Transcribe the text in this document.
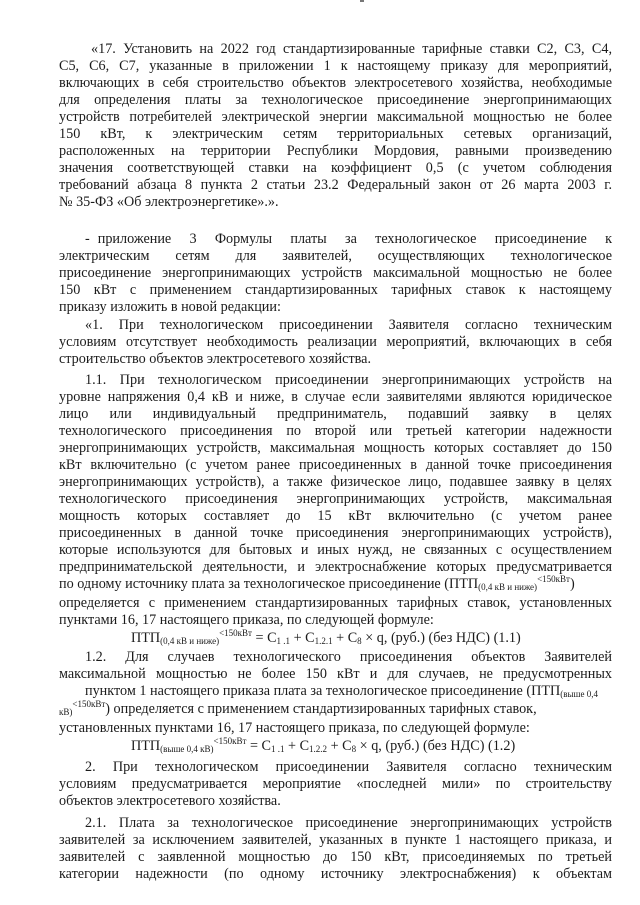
«17. Установить на 2022 год стандартизированные тарифные ставки С2, С3, С4,
С5, С6, С7, указанные в приложении 1 к настоящему приказу для мероприятий,
включающих в себя строительство объектов электросетевого хозяйства, необходимые
для определения платы за технологическое присоединение энергопринимающих
устройств потребителей электрической энергии максимальной мощностью не более
150 кВт, к электрическим сетям территориальных сетевых организаций,
расположенных на территории Республики Мордовия, равными произведению
значения соответствующей ставки на коэффициент 0,5 (с учетом соблюдения
требований абзаца 8 пункта 2 статьи 23.2 Федеральный закон от 26 марта 2003 г.
№ 35-ФЗ «Об электроэнергетике».».
- приложение 3 Формулы платы за технологическое присоединение к
электрическим сетям для заявителей, осуществляющих технологическое
присоединение энергопринимающих устройств максимальной мощностью не более
150 кВт с применением стандартизированных тарифных ставок к настоящему
приказу изложить в новой редакции:
«1. При технологическом присоединении Заявителя согласно техническим
условиям отсутствует необходимость реализации мероприятий, включающих в себя
строительство объектов электросетевого хозяйства.
1.1. При технологическом присоединении энергопринимающих устройств на
уровне напряжения 0,4 кВ и ниже, в случае если заявителями являются юридическое
лицо или индивидуальный предприниматель, подавший заявку в целях
технологического присоединения по второй или третьей категории надежности
энергопринимающих устройств, максимальная мощность которых составляет до 150
кВт включительно (с учетом ранее присоединенных в данной точке присоединения
энергопринимающих устройств), а также физическое лицо, подавшее заявку в целях
технологического присоединения энергопринимающих устройств, максимальная
мощность которых составляет до 15 кВт включительно (с учетом ранее
присоединенных в данной точке присоединения энергопринимающих устройств),
которые используются для бытовых и иных нужд, не связанных с осуществлением
предпринимательской деятельности, и электроснабжение которых предусматривается
по одному источнику плата за технологическое присоединение (ПТП(0,4 кВ и ниже)$^{<150кВт}$)
определяется с применением стандартизированных тарифных ставок, установленных
пунктами 16, 17 настоящего приказа, по следующей формуле:
ПТП(0,4 кВ и ниже)$^{<150кВт}$ = С1 .1 + С1.2.1 + С8 × q, (руб.) (без НДС) (1.1)
1.2. Для случаев технологического присоединения объектов Заявителей
максимальной мощностью не более 150 кВт и для случаев, не предусмотренных
пунктом 1 настоящего приказа плата за технологическое присоединение (ПТП(выше 0,4
кВ)$^{<150кВт}$) определяется с применением стандартизированных тарифных ставок,
установленных пунктами 16, 17 настоящего приказа, по следующей формуле:
ПТП(выше 0,4 кВ)$^{<150кВт}$ = С1 .1 + С1.2.2 + С8 × q, (руб.) (без НДС) (1.2)
2. При технологическом присоединении Заявителя согласно техническим
условиям предусматривается мероприятие «последней мили» по строительству
объектов электросетевого хозяйства.
2.1. Плата за технологическое присоединение энергопринимающих устройств
заявителей за исключением заявителей, указанных в пункте 1 настоящего приказа, и
заявителей с заявленной мощностью до 150 кВт, присоединяемых по третьей
категории надежности (по одному источнику электроснабжения) к объектам
